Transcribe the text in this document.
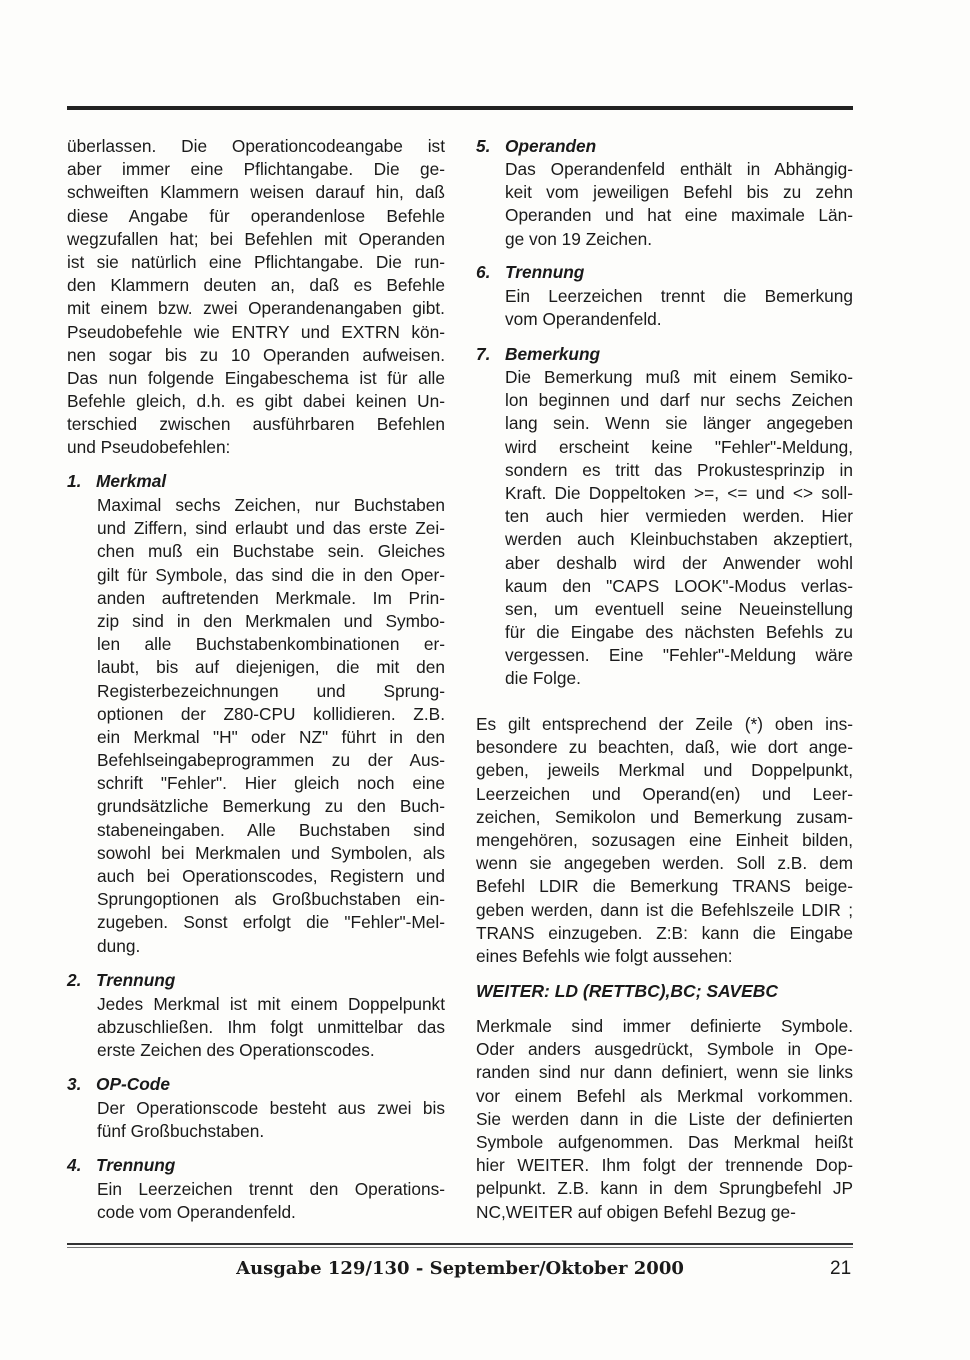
überlassen. Die Operationcodeangabe ist
aber immer eine Pflichtangabe. Die ge-
schweiften Klammern weisen darauf hin, daß
diese Angabe für operandenlose Befehle
wegzufallen hat; bei Befehlen mit Operanden
ist sie natürlich eine Pflichtangabe. Die run-
den Klammern deuten an, daß es Befehle
mit einem bzw. zwei Operandenangaben gibt.
Pseudobefehle wie ENTRY und EXTRN kön-
nen sogar bis zu 10 Operanden aufweisen.
Das nun folgende Eingabeschema ist für alle
Befehle gleich, d.h. es gibt dabei keinen Un-
terschied zwischen ausführbaren Befehlen
und Pseudobefehlen:
1. Merkmal
Maximal sechs Zeichen, nur Buchstaben
und Ziffern, sind erlaubt und das erste Zei-
chen muß ein Buchstabe sein. Gleiches
gilt für Symbole, das sind die in den Oper-
anden auftretenden Merkmale. Im Prin-
zip sind in den Merkmalen und Symbo-
len alle Buchstabenkombinationen er-
laubt, bis auf diejenigen, die mit den
Registerbezeichnungen und Sprung-
optionen der Z80-CPU kollidieren. Z.B.
ein Merkmal "H" oder NZ" führt in den
Befehlseingabeprogrammen zu der Aus-
schrift "Fehler". Hier gleich noch eine
grundsätzliche Bemerkung zu den Buch-
stabeneingaben. Alle Buchstaben sind
sowohl bei Merkmalen und Symbolen, als
auch bei Operationscodes, Registern und
Sprungoptionen als Großbuchstaben ein-
zugeben. Sonst erfolgt die "Fehler"-Mel-
dung.
2. Trennung
Jedes Merkmal ist mit einem Doppelpunkt
abzuschließen. Ihm folgt unmittelbar das
erste Zeichen des Operationscodes.
3. OP-Code
Der Operationscode besteht aus zwei bis
fünf Großbuchstaben.
4. Trennung
Ein Leerzeichen trennt den Operations-
code vom Operandenfeld.
5. Operanden
Das Operandenfeld enthält in Abhängig-
keit vom jeweiligen Befehl bis zu zehn
Operanden und hat eine maximale Län-
ge von 19 Zeichen.
6. Trennung
Ein Leerzeichen trennt die Bemerkung
vom Operandenfeld.
7. Bemerkung
Die Bemerkung muß mit einem Semiko-
lon beginnen und darf nur sechs Zeichen
lang sein. Wenn sie länger angegeben
wird erscheint keine "Fehler"-Meldung,
sondern es tritt das Prokustesprinzip in
Kraft. Die Doppeltoken >=, <= und <> soll-
ten auch hier vermieden werden. Hier
werden auch Kleinbuchstaben akzeptiert,
aber deshalb wird der Anwender wohl
kaum den "CAPS LOOK"-Modus verlas-
sen, um eventuell seine Neueinstellung
für die Eingabe des nächsten Befehls zu
vergessen. Eine "Fehler"-Meldung wäre
die Folge.
Es gilt entsprechend der Zeile (*) oben ins-
besondere zu beachten, daß, wie dort ange-
geben, jeweils Merkmal und Doppelpunkt,
Leerzeichen und Operand(en) und Leer-
zeichen, Semikolon und Bemerkung zusam-
mengehören, sozusagen eine Einheit bilden,
wenn sie angegeben werden. Soll z.B. dem
Befehl LDIR die Bemerkung TRANS beige-
geben werden, dann ist die Befehlszeile LDIR ;
TRANS einzugeben. Z:B: kann die Eingabe
eines Befehls wie folgt aussehen:
WEITER: LD (RETTBC),BC; SAVEBC
Merkmale sind immer definierte Symbole.
Oder anders ausgedrückt, Symbole in Ope-
randen sind nur dann definiert, wenn sie links
vor einem Befehl als Merkmal vorkommen.
Sie werden dann in die Liste der definierten
Symbole aufgenommen. Das Merkmal heißt
hier WEITER. Ihm folgt der trennende Dop-
pelpunkt. Z.B. kann in dem Sprungbefehl JP
NC,WEITER auf obigen Befehl Bezug ge-
Ausgabe 129/130 - September/Oktober 2000	21
